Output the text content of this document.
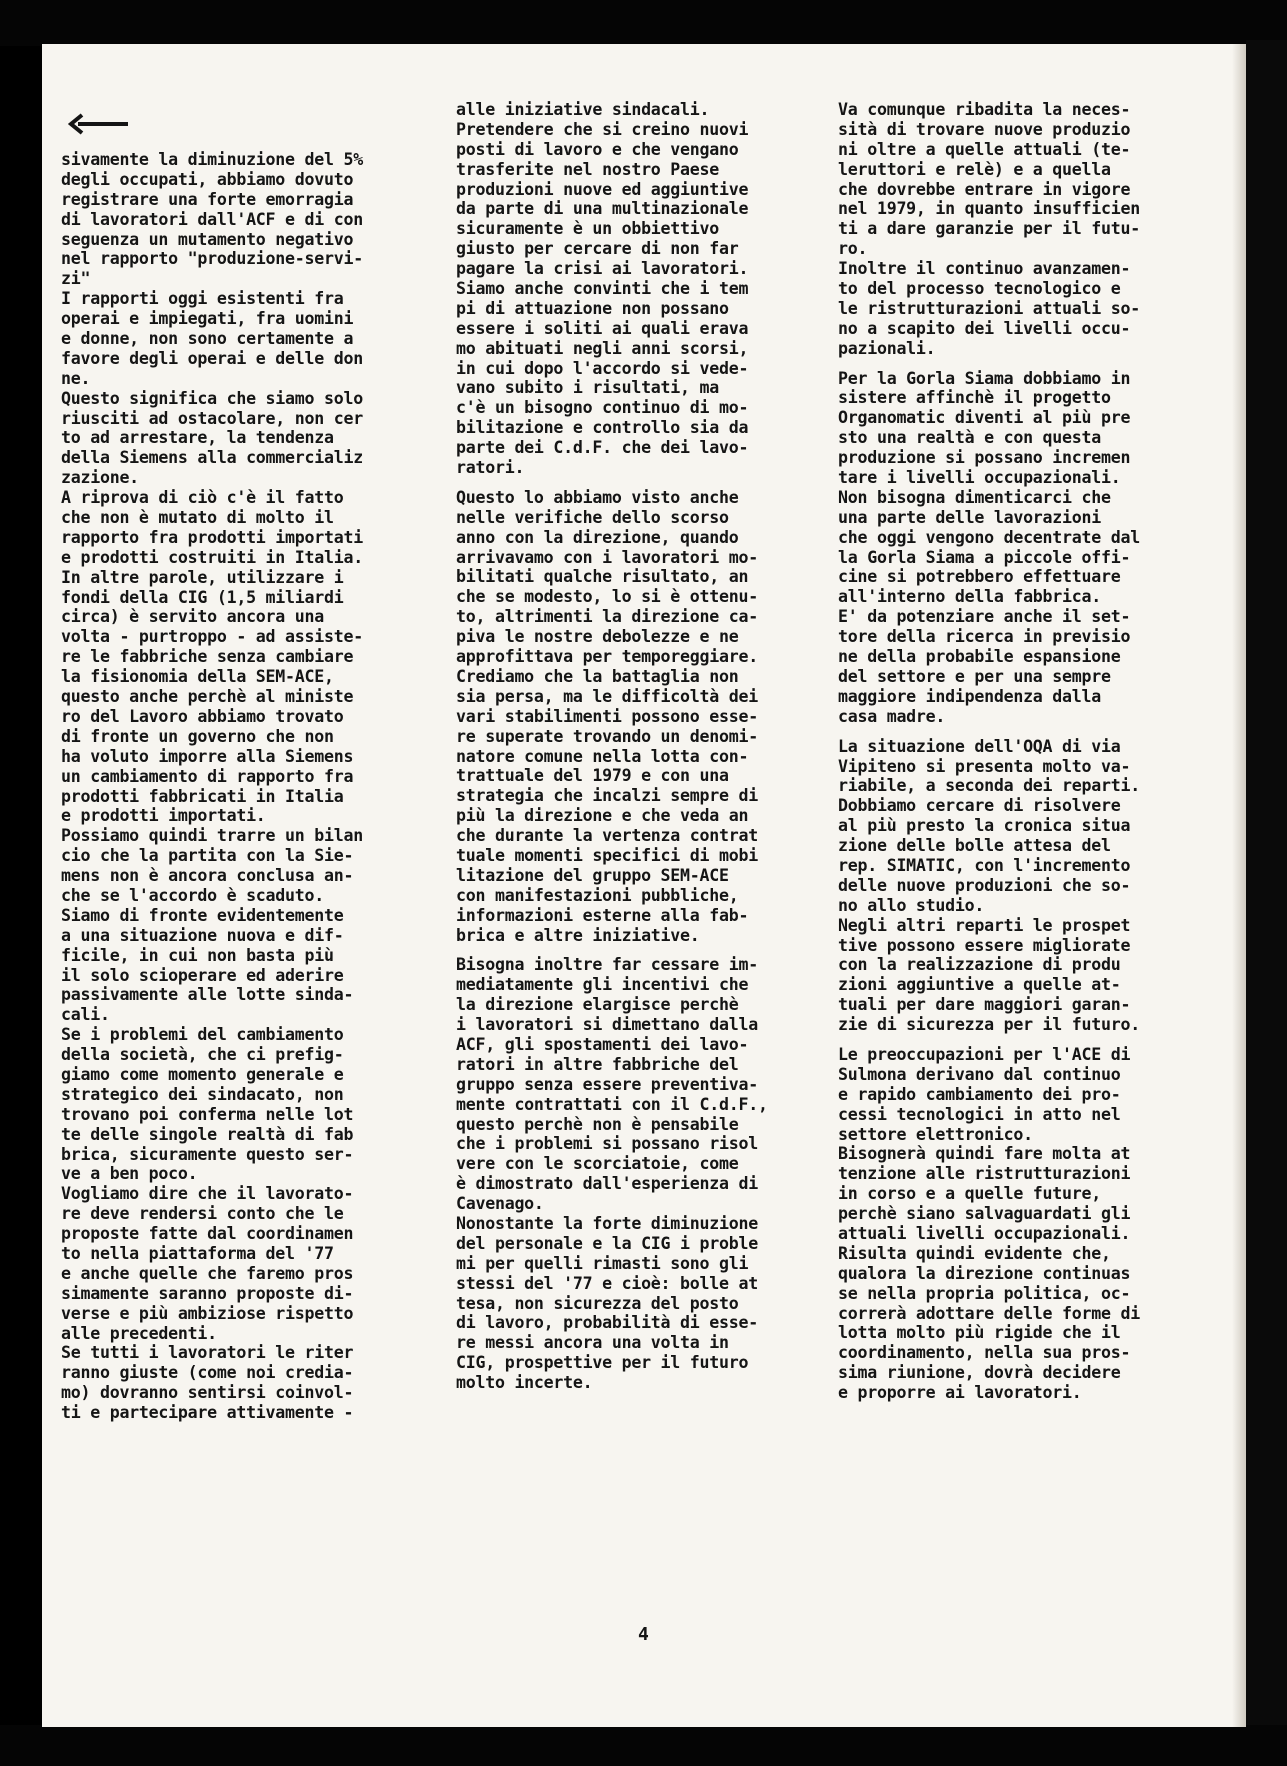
sivamente la diminuzione del 5%
degli occupati, abbiamo dovuto
registrare una forte emorragia
di lavoratori dall'ACF e di con
seguenza un mutamento negativo
nel rapporto "produzione-servi-
zi"
I rapporti oggi esistenti fra
operai e impiegati, fra uomini
e donne, non sono certamente a
favore degli operai e delle don
ne.
Questo significa che siamo solo
riusciti ad ostacolare, non cer
to ad arrestare, la tendenza
della Siemens alla commercializ
zazione.
A riprova di ciò c'è il fatto
che non è mutato di molto il
rapporto fra prodotti importati
e prodotti costruiti in Italia.
In altre parole, utilizzare i
fondi della CIG (1,5 miliardi
circa) è servito ancora una
volta - purtroppo - ad assiste-
re le fabbriche senza cambiare
la fisionomia della SEM-ACE,
questo anche perchè al ministe
ro del Lavoro abbiamo trovato
di fronte un governo che non
ha voluto imporre alla Siemens
un cambiamento di rapporto fra
prodotti fabbricati in Italia
e prodotti importati.
Possiamo quindi trarre un bilan
cio che la partita con la Sie-
mens non è ancora conclusa an-
che se l'accordo è scaduto.
Siamo di fronte evidentemente
a una situazione nuova e dif-
ficile, in cui non basta più
il solo scioperare ed aderire
passivamente alle lotte sinda-
cali.
Se i problemi del cambiamento
della società, che ci prefig-
giamo come momento generale e
strategico dei sindacato, non
trovano poi conferma nelle lot
te delle singole realtà di fab
brica, sicuramente questo ser-
ve a ben poco.
Vogliamo dire che il lavorato-
re deve rendersi conto che le
proposte fatte dal coordinamen
to nella piattaforma del '77
e anche quelle che faremo pros
simamente saranno proposte di-
verse e più ambiziose rispetto
alle precedenti.
Se tutti i lavoratori le riter
ranno giuste (come noi credia-
mo) dovranno sentirsi coinvol-
ti e partecipare attivamente -
alle iniziative sindacali.
Pretendere che si creino nuovi
posti di lavoro e che vengano
trasferite nel nostro Paese
produzioni nuove ed aggiuntive
da parte di una multinazionale
sicuramente è un obbiettivo
giusto per cercare di non far
pagare la crisi ai lavoratori.
Siamo anche convinti che i tem
pi di attuazione non possano
essere i soliti ai quali erava
mo abituati negli anni scorsi,
in cui dopo l'accordo si vede-
vano subito i risultati, ma
c'è un bisogno continuo di mo-
bilitazione e controllo sia da
parte dei C.d.F. che dei lavo-
ratori.
Questo lo abbiamo visto anche
nelle verifiche dello scorso
anno con la direzione, quando
arrivavamo con i lavoratori mo-
bilitati qualche risultato, an
che se modesto, lo si è ottenu-
to, altrimenti la direzione ca-
piva le nostre debolezze e ne
approfittava per temporeggiare.
Crediamo che la battaglia non
sia persa, ma le difficoltà dei
vari stabilimenti possono esse-
re superate trovando un denomi-
natore comune nella lotta con-
trattuale del 1979 e con una
strategia che incalzi sempre di
più la direzione e che veda an
che durante la vertenza contrat
tuale momenti specifici di mobi
litazione del gruppo SEM-ACE
con manifestazioni pubbliche,
informazioni esterne alla fab-
brica e altre iniziative.
Bisogna inoltre far cessare im-
mediatamente gli incentivi che
la direzione elargisce perchè
i lavoratori si dimettano dalla
ACF, gli spostamenti dei lavo-
ratori in altre fabbriche del
gruppo senza essere preventiva-
mente contrattati con il C.d.F.,
questo perchè non è pensabile
che i problemi si possano risol
vere con le scorciatoie, come
è dimostrato dall'esperienza di
Cavenago.
Nonostante la forte diminuzione
del personale e la CIG i proble
mi per quelli rimasti sono gli
stessi del '77 e cioè: bolle at
tesa, non sicurezza del posto
di lavoro, probabilità di esse-
re messi ancora una volta in
CIG, prospettive per il futuro
molto incerte.
Va comunque ribadita la neces-
sità di trovare nuove produzio
ni oltre a quelle attuali (te-
leruttori e relè) e a quella
che dovrebbe entrare in vigore
nel 1979, in quanto insufficien
ti a dare garanzie per il futu-
ro.
Inoltre il continuo avanzamen-
to del processo tecnologico e
le ristrutturazioni attuali so-
no a scapito dei livelli occu-
pazionali.
Per la Gorla Siama dobbiamo in
sistere affinchè il progetto
Organomatic diventi al più pre
sto una realtà e con questa
produzione si possano incremen
tare i livelli occupazionali.
Non bisogna dimenticarci che
una parte delle lavorazioni
che oggi vengono decentrate dal
la Gorla Siama a piccole offi-
cine si potrebbero effettuare
all'interno della fabbrica.
E' da potenziare anche il set-
tore della ricerca in previsio
ne della probabile espansione
del settore e per una sempre
maggiore indipendenza dalla
casa madre.
La situazione dell'OQA di via
Vipiteno si presenta molto va-
riabile, a seconda dei reparti.
Dobbiamo cercare di risolvere
al più presto la cronica situa
zione delle bolle attesa del
rep. SIMATIC, con l'incremento
delle nuove produzioni che so-
no allo studio.
Negli altri reparti le prospet
tive possono essere migliorate
con la realizzazione di produ
zioni aggiuntive a quelle at-
tuali per dare maggiori garan-
zie di sicurezza per il futuro.
Le preoccupazioni per l'ACE di
Sulmona derivano dal continuo
e rapido cambiamento dei pro-
cessi tecnologici in atto nel
settore elettronico.
Bisognerà quindi fare molta at
tenzione alle ristrutturazioni
in corso e a quelle future,
perchè siano salvaguardati gli
attuali livelli occupazionali.
Risulta quindi evidente che,
qualora la direzione continuas
se nella propria politica, oc-
correrà adottare delle forme di
lotta molto più rigide che il
coordinamento, nella sua pros-
sima riunione, dovrà decidere
e proporre ai lavoratori.
4
